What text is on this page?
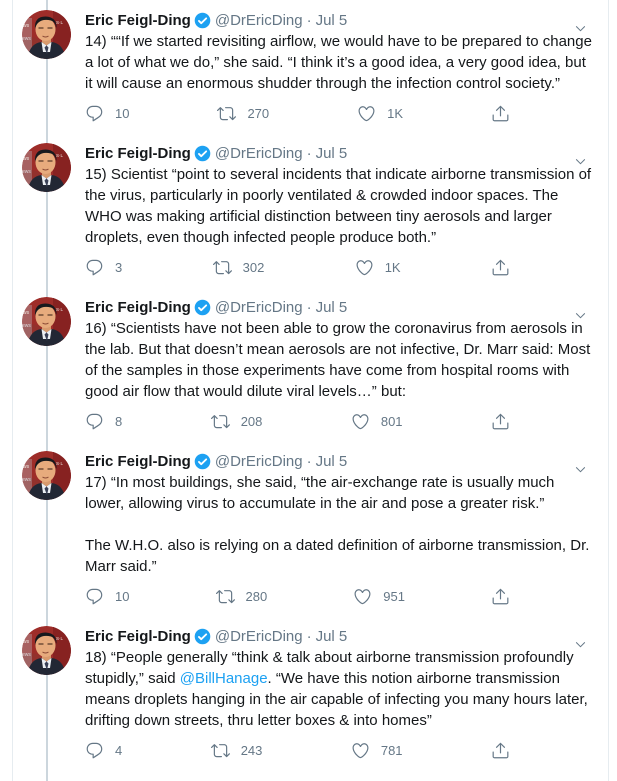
Eric Feigl-Ding @DrEricDing · Jul 5

14) ““If we started revisiting airflow, we would have to be prepared to change a lot of what we do,” she said. “I think it’s a good idea, a very good idea, but it will cause an enormous shudder through the infection control society.”

10	270	1K
Eric Feigl-Ding @DrEricDing · Jul 5

15) Scientist “point to several incidents that indicate airborne transmission of the virus, particularly in poorly ventilated & crowded indoor spaces. The WHO was making artificial distinction between tiny aerosols and larger droplets, even though infected people produce both.”

3	302	1K
Eric Feigl-Ding @DrEricDing · Jul 5

16) “Scientists have not been able to grow the coronavirus from aerosols in the lab. But that doesn’t mean aerosols are not infective, Dr. Marr said: Most of the samples in those experiments have come from hospital rooms with good air flow that would dilute viral levels…” but:

8	208	801
Eric Feigl-Ding @DrEricDing · Jul 5

17) “In most buildings, she said, “the air-exchange rate is usually much lower, allowing virus to accumulate in the air and pose a greater risk.”

The W.H.O. also is relying on a dated definition of airborne transmission, Dr. Marr said.”

10	280	951
Eric Feigl-Ding @DrEricDing · Jul 5

18) “People generally “think & talk about airborne transmission profoundly stupidly,” said @BillHanage. “We have this notion airborne transmission means droplets hanging in the air capable of infecting you many hours later, drifting down streets, thru letter boxes & into homes”

4	243	781
